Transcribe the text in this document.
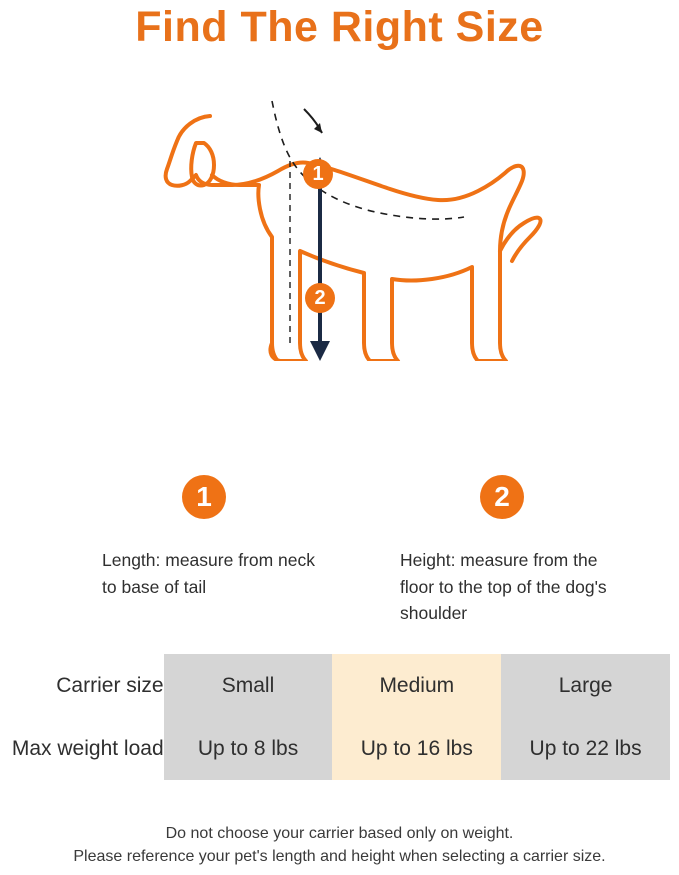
Find The Right Size
1
2
1
Length: measure from neck to base of tail
2
Height: measure from the floor to the top of the dog's shoulder
Carrier size	Small	Medium	Large
Max weight load	Up to 8 lbs	Up to 16 lbs	Up to 22 lbs
Do not choose your carrier based only on weight.
Please reference your pet's length and height when selecting a carrier size.
